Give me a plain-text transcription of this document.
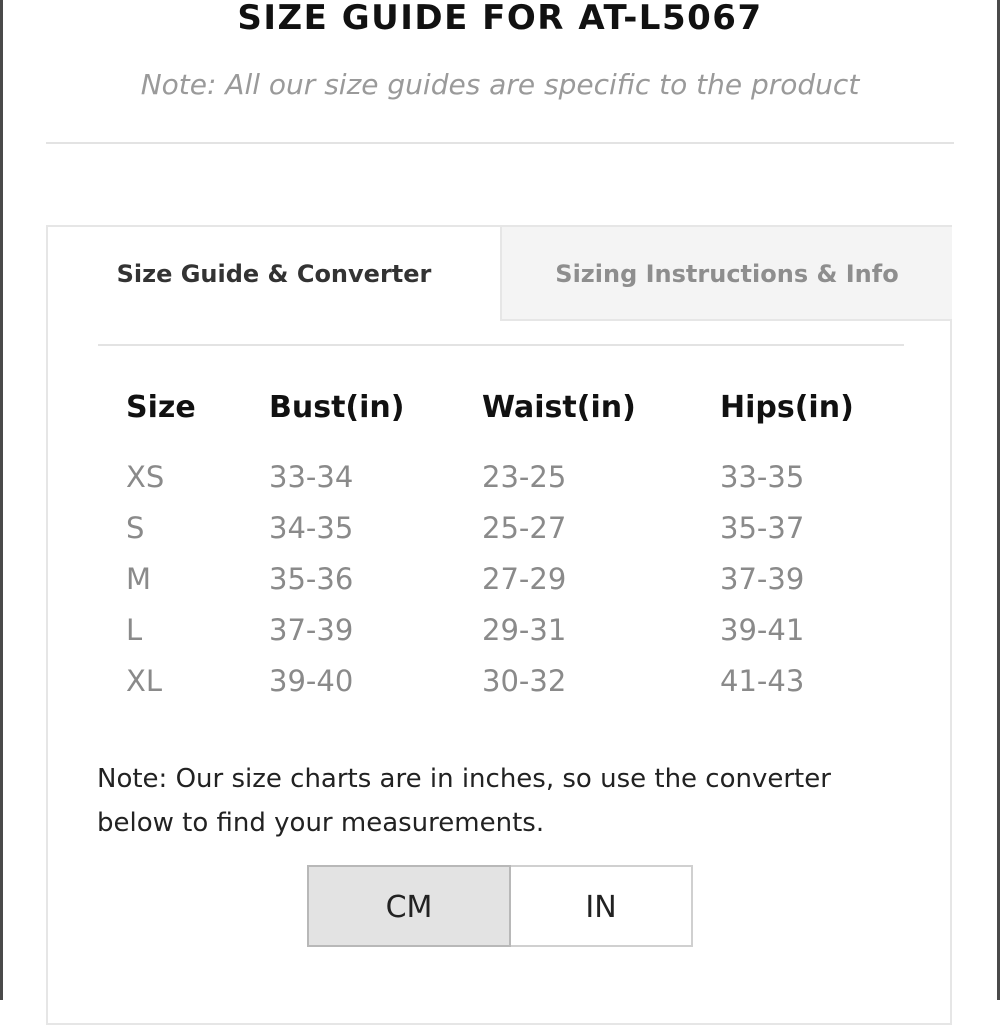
SIZE GUIDE FOR AT-L5067
Note: All our size guides are specific to the product
Size Guide & Converter	Sizing Instructions & Info
Size Bust(in)	Waist(in)	Hips(in)
XS	33-34	23-25	33-35
S	34-35	25-27	35-37
M	35-36	27-29	37-39
L	37-39	29-31	39-41
XL	39-40	30-32	41-43
Note: Our size charts are in inches, so use the converter below to find your measurements.
CM	IN
